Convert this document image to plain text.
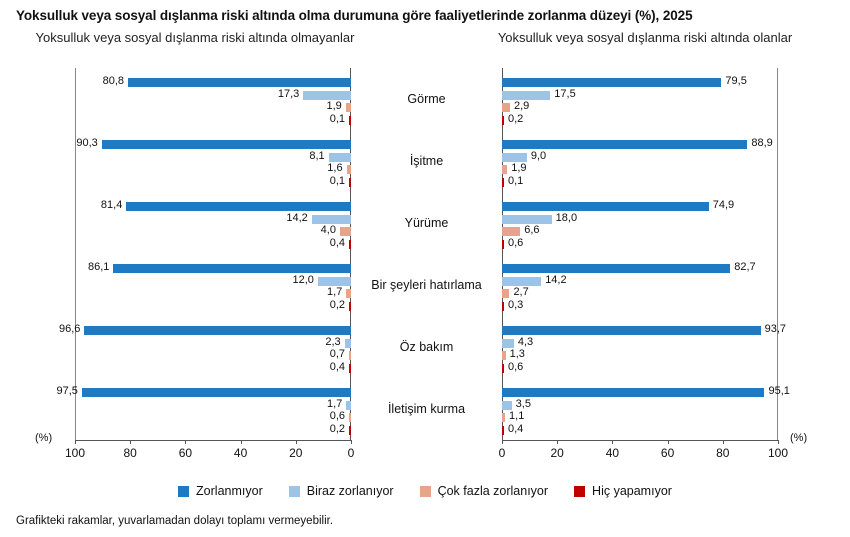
Yoksulluk veya sosyal dışlanma riski altında olma durumuna göre faaliyetlerinde zorlanma düzeyi (%), 2025
Yoksulluk veya sosyal dışlanma riski altında olmayanlar	Yoksulluk veya sosyal dışlanma riski altında olanlar
80,8
17,3
1,9
0,1
90,3
8,1
1,6
0,1
81,4
14,2
4,0
0,4
86,1
12,0
1,7
0,2
96,6
2,3
0,7
0,4
97,5
1,7
0,6
0,2
79,5
17,5
2,9
0,2
88,9
9,0
1,9
0,1
74,9
18,0
6,6
0,6
82,7
14,2
2,7
0,3
93,7
4,3
1,3
0,6
95,1
3,5
1,1
0,4
Görme
İşitme
Yürüme
Bir şeyleri hatırlama
Öz bakım
İletişim kurma
100	80	60	40	20	0	0	20	40	60	80	100
(%)	(%)
Zorlanmıyor	Biraz zorlanıyor	Çok fazla zorlanıyor	Hiç yapamıyor
Grafikteki rakamlar, yuvarlamadan dolayı toplamı vermeyebilir.
